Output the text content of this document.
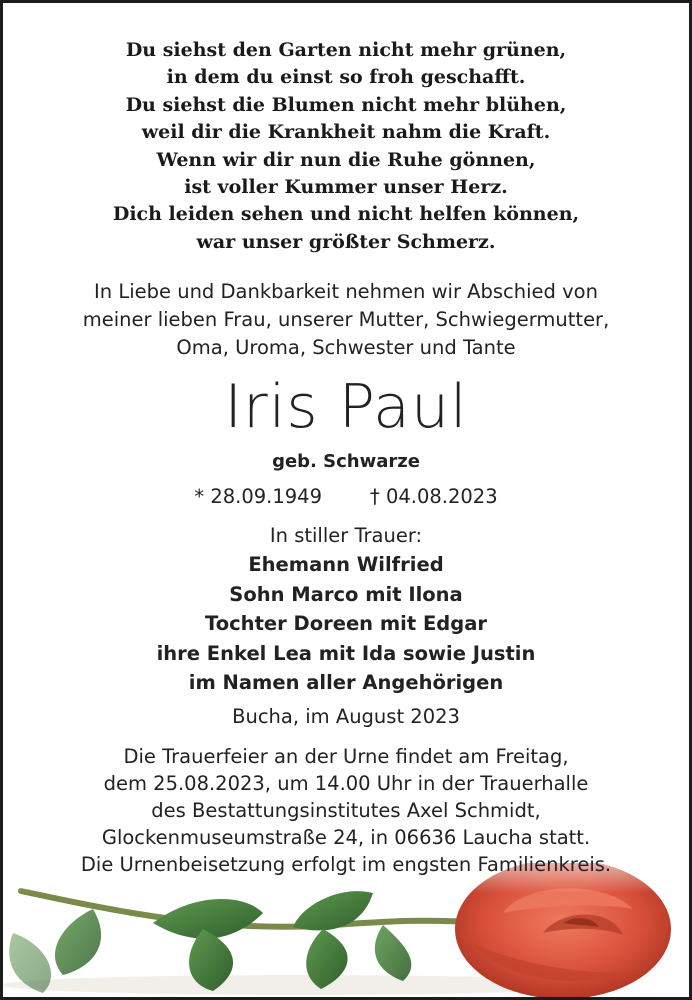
Du siehst den Garten nicht mehr grünen,
in dem du einst so froh geschafft.
Du siehst die Blumen nicht mehr blühen,
weil dir die Krankheit nahm die Kraft.
Wenn wir dir nun die Ruhe gönnen,
ist voller Kummer unser Herz.
Dich leiden sehen und nicht helfen können,
war unser größter Schmerz.
In Liebe und Dankbarkeit nehmen wir Abschied von
meiner lieben Frau, unserer Mutter, Schwiegermutter,
Oma, Uroma, Schwester und Tante
Iris Paul
geb. Schwarze
* 28.09.1949 † 04.08.2023
In stiller Trauer:
Ehemann Wilfried
Sohn Marco mit Ilona
Tochter Doreen mit Edgar
ihre Enkel Lea mit Ida sowie Justin
im Namen aller Angehörigen
Bucha, im August 2023
Die Trauerfeier an der Urne findet am Freitag,
dem 25.08.2023, um 14.00 Uhr in der Trauerhalle
des Bestattungsinstitutes Axel Schmidt,
Glockenmuseumstraße 24, in 06636 Laucha statt.
Die Urnenbeisetzung erfolgt im engsten Familienkreis.
